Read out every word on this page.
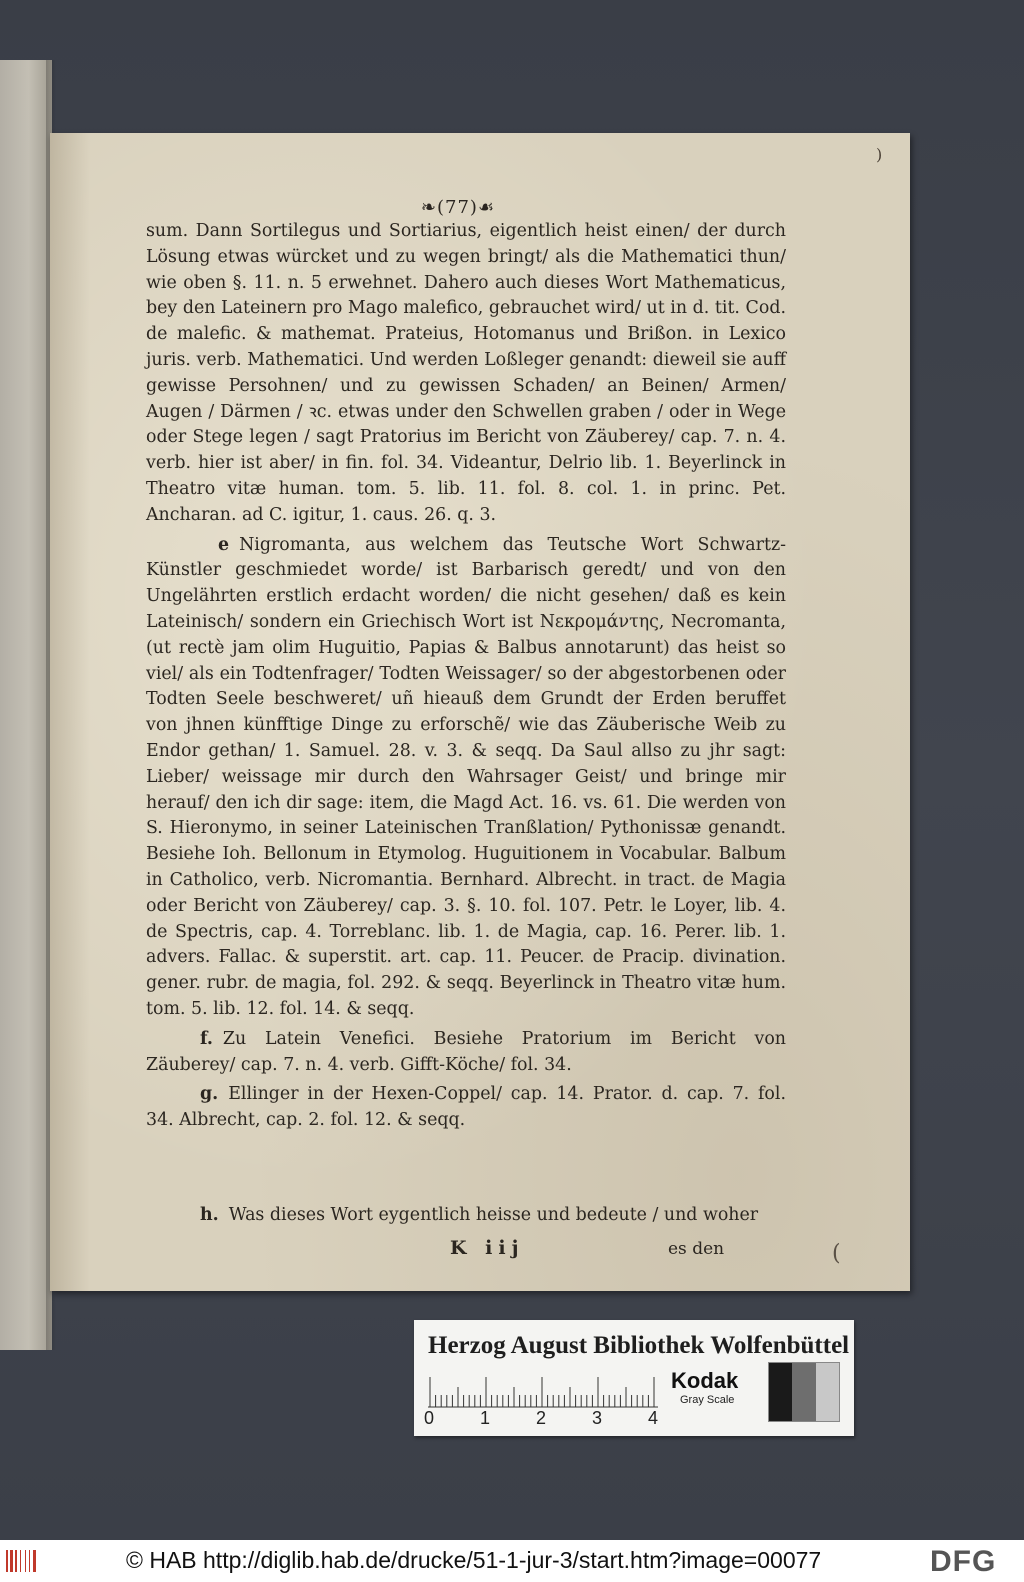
)
❧(77)☙

sum. Dann Sortilegus und Sortiarius, eigentlich heist einen/ der durch Lösung etwas würcket und zu wegen bringt/ als die Mathematici thun/ wie oben §. 11. n. 5 erwehnet. Dahero auch dieses Wort Mathematicus, bey den Lateinern pro Mago malefico, gebrauchet wird/ ut in d. tit. Cod. de malefic. & mathemat. Prateius, Hotomanus und Brißon. in Lexico juris. verb. Mathematici. Und werden Loßleger genandt: dieweil sie auff gewisse Persohnen/ und zu gewissen Schaden/ an Beinen/ Armen/ Augen / Därmen / ꝛc. etwas under den Schwellen graben / oder in Wege oder Stege legen / sagt Pratorius im Bericht von Zäuberey/ cap. 7. n. 4. verb. hier ist aber/ in fin. fol. 34. Videantur, Delrio lib. 1. Beyerlinck in Theatro vitæ human. tom. 5. lib. 11. fol. 8. col. 1. in princ. Pet. Ancharan. ad C. igitur, 1. caus. 26. q. 3.

e Nigromanta, aus welchem das Teutsche Wort Schwartz-Künstler geschmiedet worde/ ist Barbarisch geredt/ und von den Ungelährten erstlich erdacht worden/ die nicht gesehen/ daß es kein Lateinisch/ sondern ein Griechisch Wort ist Νεκρομάντης, Necromanta, (ut rectè jam olim Huguitio, Papias & Balbus annotarunt) das heist so viel/ als ein Todtenfrager/ Todten Weissager/ so der abgestorbenen oder Todten Seele beschweret/ uñ hieauß dem Grundt der Erden beruffet von jhnen künfftige Dinge zu erforschẽ/ wie das Zäuberische Weib zu Endor gethan/ 1. Samuel. 28. v. 3. & seqq. Da Saul allso zu jhr sagt: Lieber/ weissage mir durch den Wahrsager Geist/ und bringe mir herauf/ den ich dir sage: item, die Magd Act. 16. vs. 61. Die werden von S. Hieronymo, in seiner Lateinischen Tranßlation/ Pythonissæ genandt. Besiehe Ioh. Bellonum in Etymolog. Huguitionem in Vocabular. Balbum in Catholico, verb. Nicromantia. Bernhard. Albrecht. in tract. de Magia oder Bericht von Zäuberey/ cap. 3. §. 10. fol. 107. Petr. le Loyer, lib. 4. de Spectris, cap. 4. Torreblanc. lib. 1. de Magia, cap. 16. Perer. lib. 1. advers. Fallac. & superstit. art. cap. 11. Peucer. de Pracip. divination. gener. rubr. de magia, fol. 292. & seqq. Beyerlinck in Theatro vitæ hum. tom. 5. lib. 12. fol. 14. & seqq.

f. Zu Latein Venefici. Besiehe Pratorium im Bericht von Zäuberey/ cap. 7. n. 4. verb. Gifft-Köche/ fol. 34.

g. Ellinger in der Hexen-Coppel/ cap. 14. Prator. d. cap. 7. fol. 34. Albrecht, cap. 2. fol. 12. & seqq.

h. Was dieses Wort eygentlich heisse und bedeute / und woher
K iij	es den	(
Herzog August Bibliothek Wolfenbüttel
0	1	2	3	4
Kodak
Gray Scale
© HAB http://diglib.hab.de/drucke/51-1-jur-3/start.htm?image=00077	DFG
